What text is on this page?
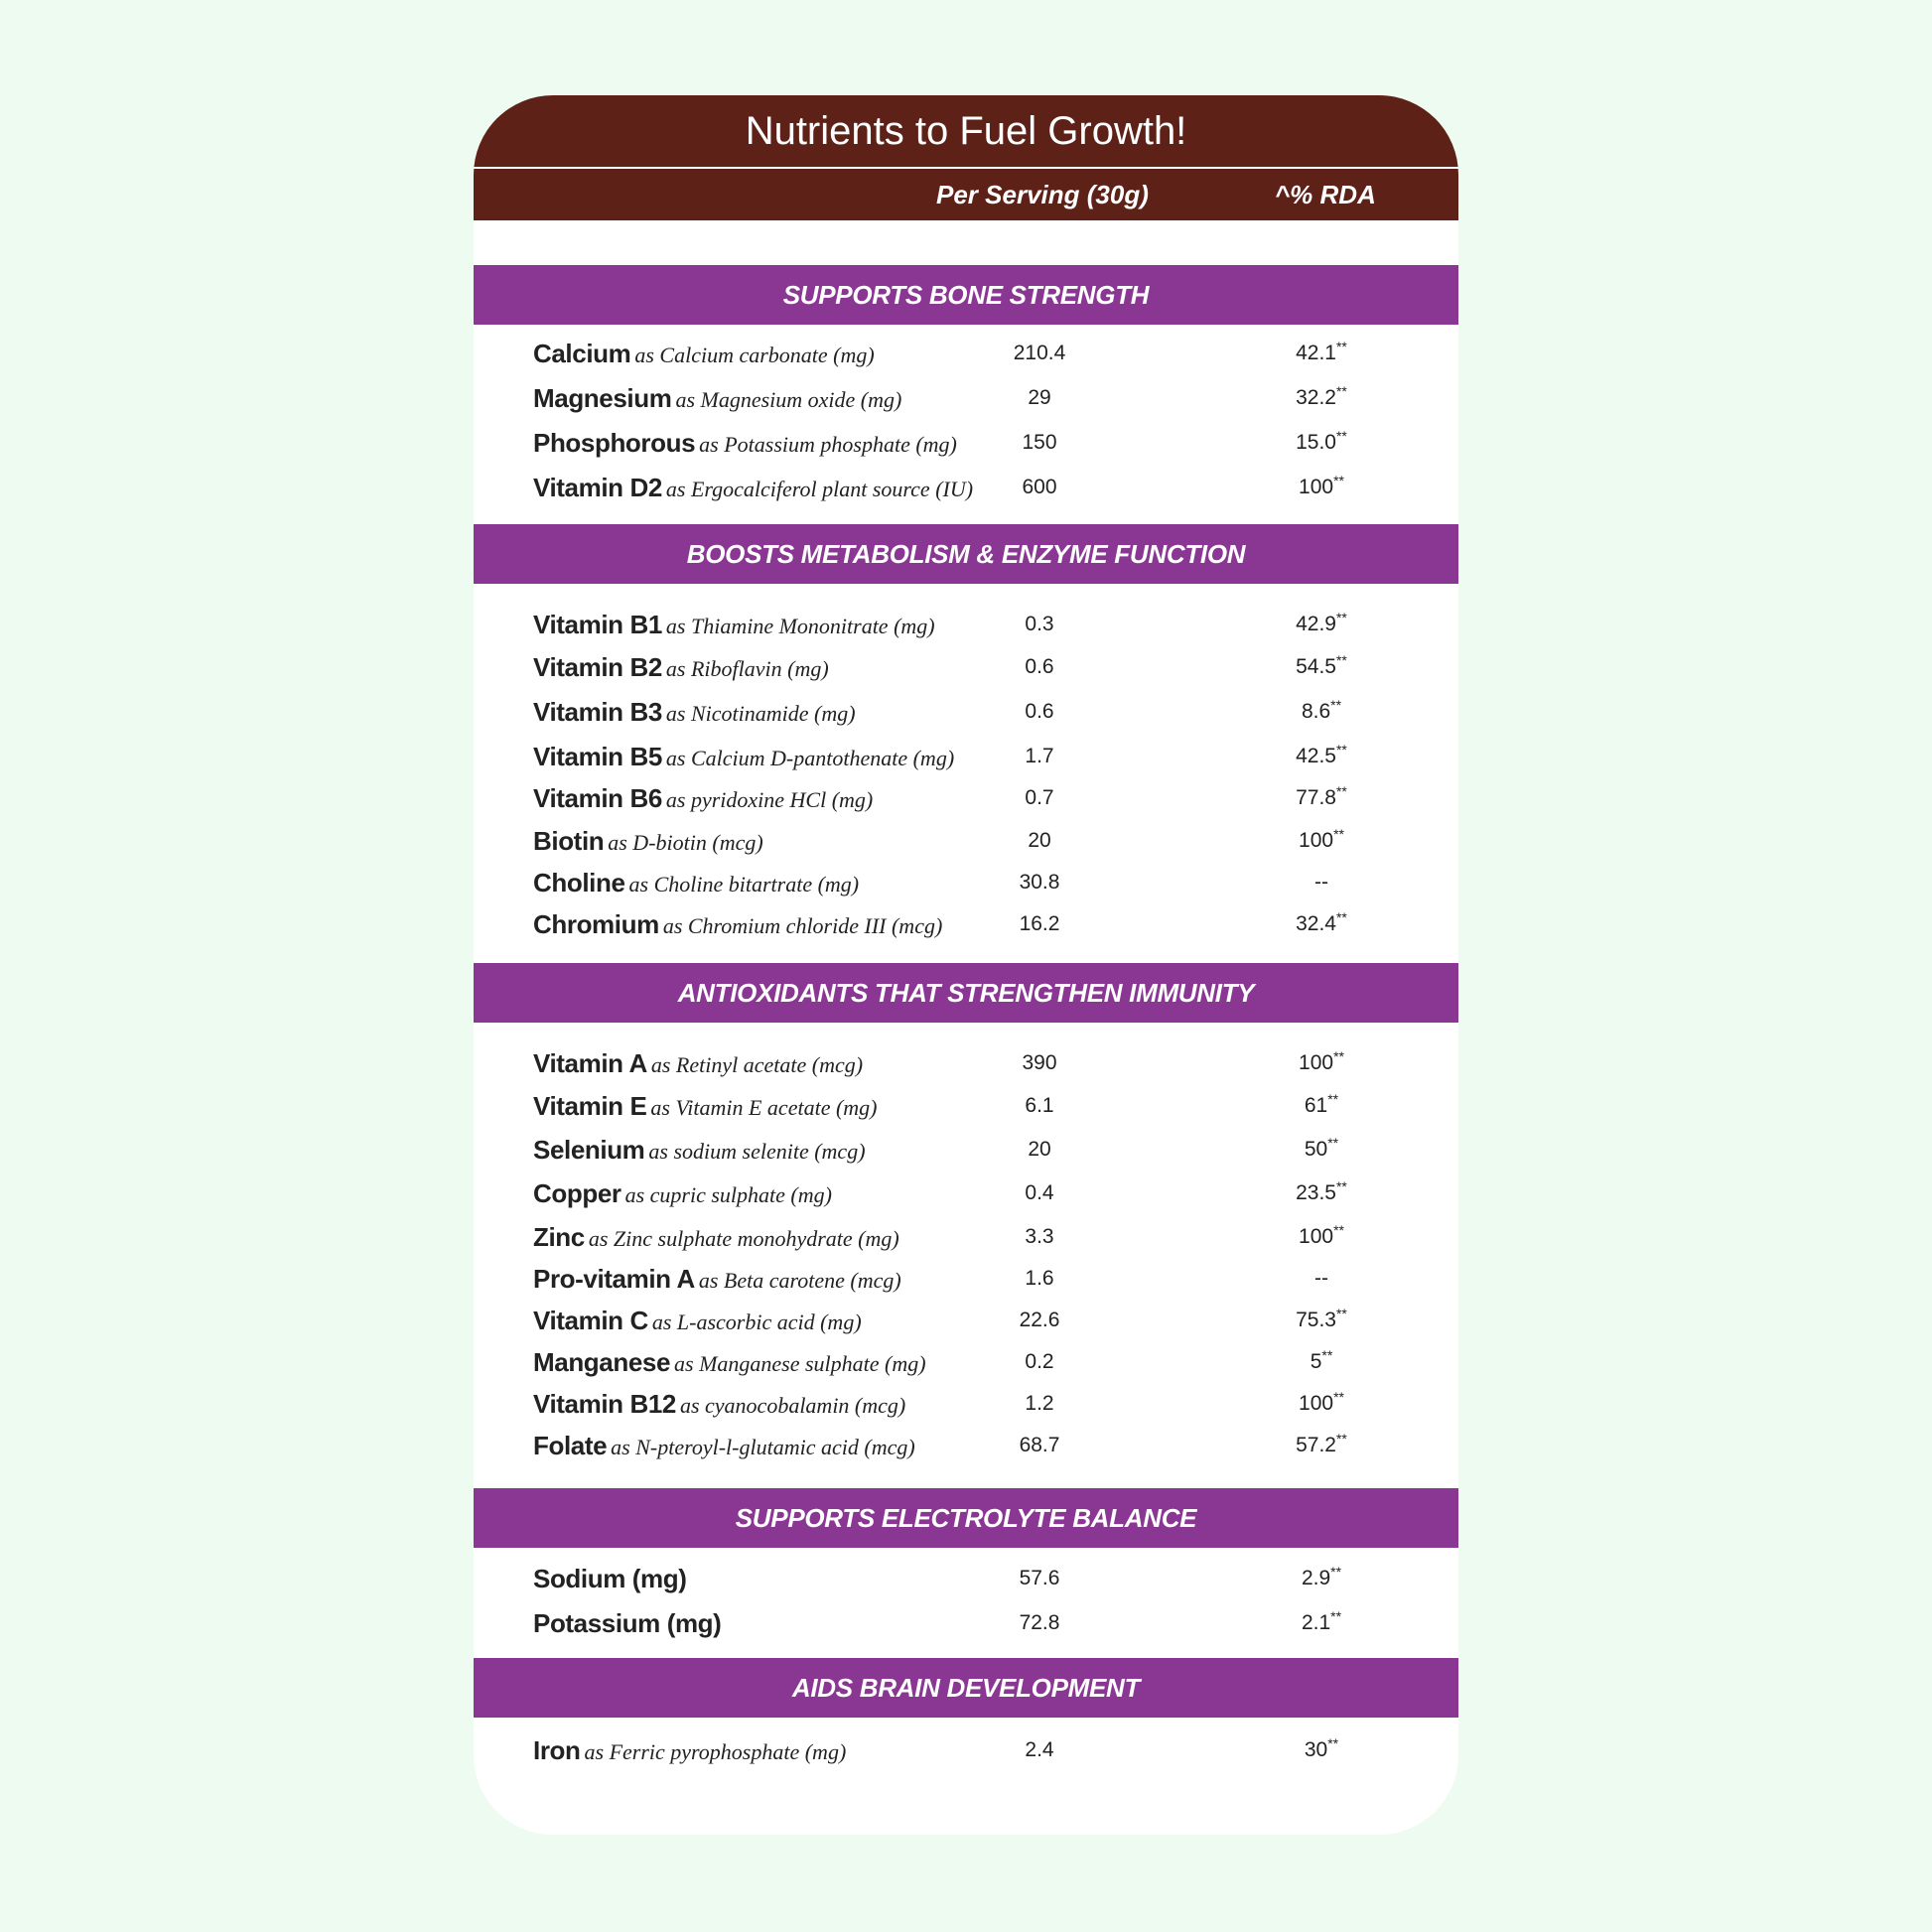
Nutrients to Fuel Growth!
Per Serving (30g)	^% RDA
SUPPORTS BONE STRENGTH
Calcium as Calcium carbonate (mg)	210.4	42.1**
Magnesium as Magnesium oxide (mg)	29	32.2**
Phosphorous as Potassium phosphate (mg)	150	15.0**
Vitamin D2 as Ergocalciferol plant source (IU)	600	100**
BOOSTS METABOLISM & ENZYME FUNCTION
Vitamin B1 as Thiamine Mononitrate (mg)	0.3	42.9**
Vitamin B2 as Riboflavin (mg)	0.6	54.5**
Vitamin B3 as Nicotinamide (mg)	0.6	8.6**
Vitamin B5 as Calcium D-pantothenate (mg)	1.7	42.5**
Vitamin B6 as pyridoxine HCl (mg)	0.7	77.8**
Biotin as D-biotin (mcg)	20	100**
Choline as Choline bitartrate (mg)	30.8	--
Chromium as Chromium chloride III (mcg)	16.2	32.4**
ANTIOXIDANTS THAT STRENGTHEN IMMUNITY
Vitamin A as Retinyl acetate (mcg)	390	100**
Vitamin E as Vitamin E acetate (mg)	6.1	61**
Selenium as sodium selenite (mcg)	20	50**
Copper as cupric sulphate (mg)	0.4	23.5**
Zinc as Zinc sulphate monohydrate (mg)	3.3	100**
Pro-vitamin A as Beta carotene (mcg)	1.6	--
Vitamin C as L-ascorbic acid (mg)	22.6	75.3**
Manganese as Manganese sulphate (mg)	0.2	5**
Vitamin B12 as cyanocobalamin (mcg)	1.2	100**
Folate as N-pteroyl-l-glutamic acid (mcg)	68.7	57.2**
SUPPORTS ELECTROLYTE BALANCE
Sodium (mg)	57.6	2.9**
Potassium (mg)	72.8	2.1**
AIDS BRAIN DEVELOPMENT
Iron as Ferric pyrophosphate (mg)	2.4	30**
